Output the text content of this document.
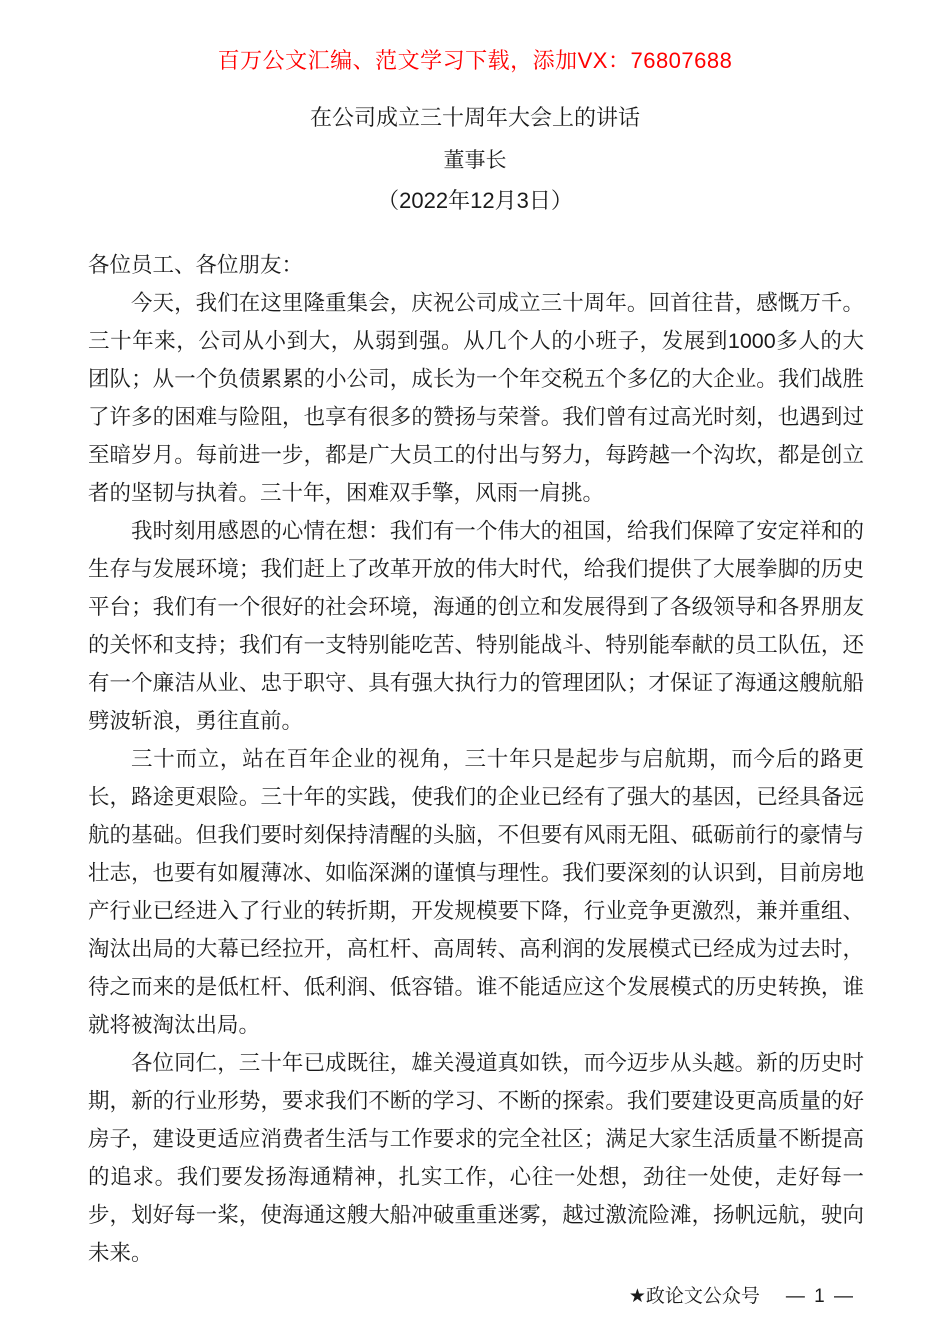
百万公文汇编、范文学习下载，添加VX：76807688
在公司成立三十周年大会上的讲话
董事长
（2022年12月3日）

各位员工、各位朋友：

今天，我们在这里隆重集会，庆祝公司成立三十周年。回首往昔，感慨万千。三十年来，公司从小到大，从弱到强。从几个人的小班子，发展到1000多人的大团队；从一个负债累累的小公司，成长为一个年交税五个多亿的大企业。我们战胜了许多的困难与险阻，也享有很多的赞扬与荣誉。我们曾有过高光时刻，也遇到过至暗岁月。每前进一步，都是广大员工的付出与努力，每跨越一个沟坎，都是创立者的坚韧与执着。三十年，困难双手擎，风雨一肩挑。

我时刻用感恩的心情在想：我们有一个伟大的祖国，给我们保障了安定祥和的生存与发展环境；我们赶上了改革开放的伟大时代，给我们提供了大展拳脚的历史平台；我们有一个很好的社会环境，海通的创立和发展得到了各级领导和各界朋友的关怀和支持；我们有一支特别能吃苦、特别能战斗、特别能奉献的员工队伍，还有一个廉洁从业、忠于职守、具有强大执行力的管理团队；才保证了海通这艘航船劈波斩浪，勇往直前。

三十而立，站在百年企业的视角，三十年只是起步与启航期，而今后的路更长，路途更艰险。三十年的实践，使我们的企业已经有了强大的基因，已经具备远航的基础。但我们要时刻保持清醒的头脑，不但要有风雨无阻、砥砺前行的豪情与壮志，也要有如履薄冰、如临深渊的谨慎与理性。我们要深刻的认识到，目前房地产行业已经进入了行业的转折期，开发规模要下降，行业竞争更激烈，兼并重组、淘汰出局的大幕已经拉开，高杠杆、高周转、高利润的发展模式已经成为过去时，待之而来的是低杠杆、低利润、低容错。谁不能适应这个发展模式的历史转换，谁就将被淘汰出局。

各位同仁，三十年已成既往，雄关漫道真如铁，而今迈步从头越。新的历史时期，新的行业形势，要求我们不断的学习、不断的探索。我们要建设更高质量的好房子，建设更适应消费者生活与工作要求的完全社区；满足大家生活质量不断提高的追求。我们要发扬海通精神，扎实工作，心往一处想，劲往一处使，走好每一步，划好每一桨，使海通这艘大船冲破重重迷雾，越过激流险滩，扬帆远航，驶向未来。

★政论文公众号 — 1 —
